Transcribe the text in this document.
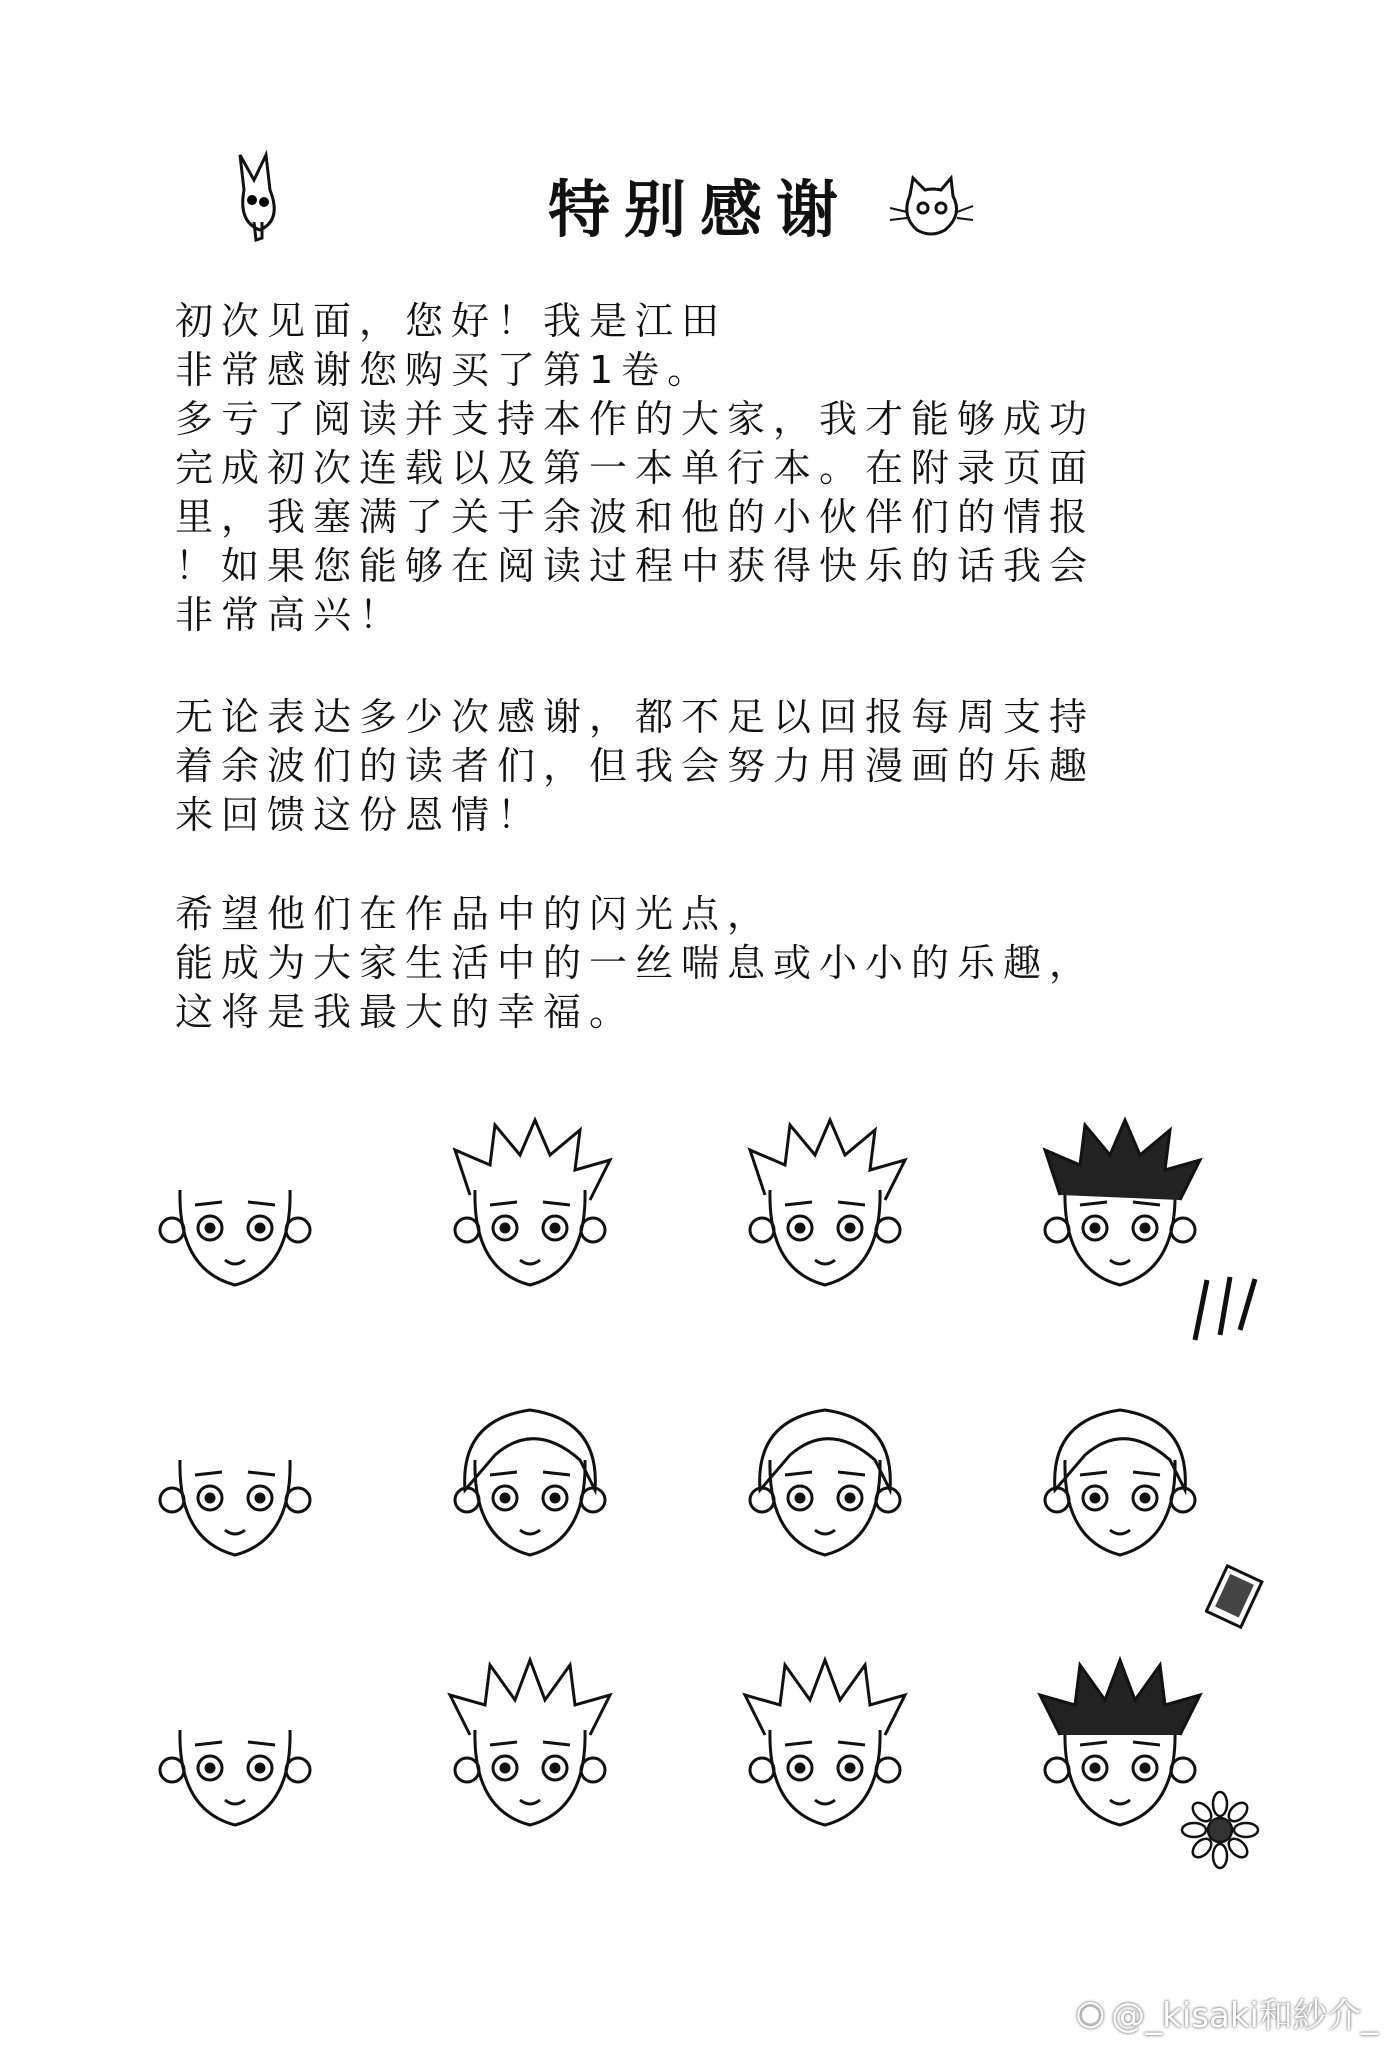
特别感谢
初次见面，您好！我是江田
非常感谢您购买了第1卷。
多亏了阅读并支持本作的大家，我才能够成功
完成初次连载以及第一本单行本。在附录页面
里，我塞满了关于余波和他的小伙伴们的情报
！如果您能够在阅读过程中获得快乐的话我会
非常高兴！
无论表达多少次感谢，都不足以回报每周支持
着余波们的读者们，但我会努力用漫画的乐趣
来回馈这份恩情！
希望他们在作品中的闪光点，
能成为大家生活中的一丝喘息或小小的乐趣，
这将是我最大的幸福。
◉ @_kisaki和紗介_
